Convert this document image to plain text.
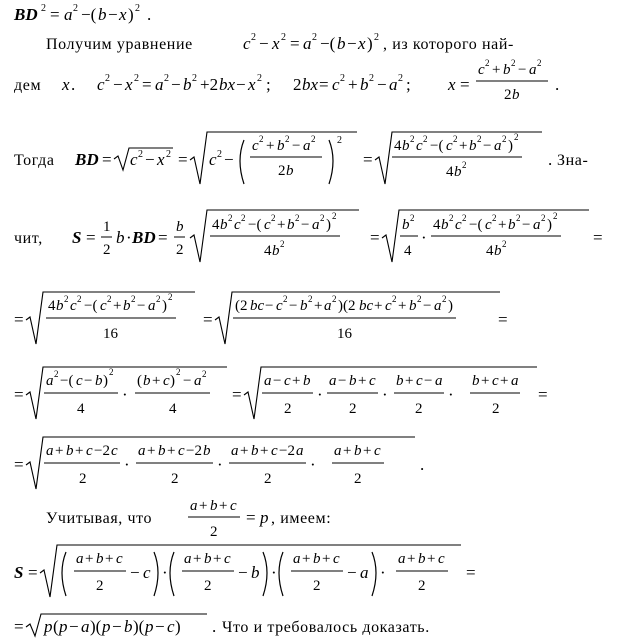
BD 2 = a 2 −( b − x ) 2 .
Получим уравнение	c 2 − x 2 = a 2 −( b − x ) 2 , из которого най-
дем x . c 2 − x 2 = a 2 − b 2 +2 bx − x 2 ; 2 bx = c 2 + b 2 − a 2 ; x =
c 2 + b 2 − a 2
2 b
.
Тогда BD = c 2 − x 2 = c 2 −
c 2 + b 2 − a 2
2 b
2
=
4 b 2 c 2 −( c 2 + b 2 − a 2 )
2
4 b 2	. Зна-
чит, S =
1
2
b · BD =
b
2
4 b 2 c 2 −( c 2 + b 2 − a 2 )
2
4 b 2	=
b 2
4
·
4 b 2 c 2 −( c 2 + b 2 − a 2 )
2
4 b 2	=
=
4 b 2 c 2 −( c 2 + b 2 − a 2 )
2
16
=
(2 bc − c 2 − b 2 + a 2 )(2 bc + c 2 + b 2 − a 2 )
16
=
=
a 2 −( c − b )
2
4
·
( b + c )
2
− a 2
4
=
a − c + b
2
·
a − b + c
2
·
b + c − a
2
·
b + c + a
2
=
=
a + b + c −2 c
2
·
a + b + c −2 b
2
·
a + b + c −2 a
2
·
a + b + c
2
.
Учитывая, что
a + b + c
2
= p , имеем:
S =
a + b + c
2
− c ·
a + b + c
2
− b ·
a + b + c
2
− a ·
a + b + c
2
=
= p ( p − a )( p − b )( p − c ) . Что и требовалось доказать.
